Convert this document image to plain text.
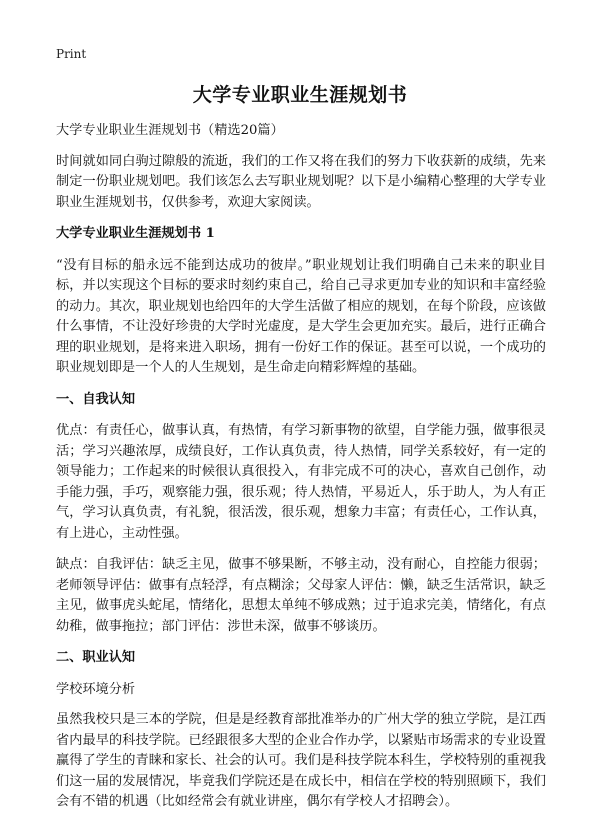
Print
大学专业职业生涯规划书

大学专业职业生涯规划书（精选20篇）

时间就如同白驹过隙般的流逝，我们的工作又将在我们的努力下收获新的成绩，先来制定一份职业规划吧。我们该怎么去写职业规划呢？以下是小编精心整理的大学专业职业生涯规划书，仅供参考，欢迎大家阅读。

大学专业职业生涯规划书 1

“没有目标的船永远不能到达成功的彼岸。”职业规划让我们明确自己未来的职业目标，并以实现这个目标的要求时刻约束自己，给自己寻求更加专业的知识和丰富经验的动力。其次，职业规划也给四年的大学生活做了相应的规划，在每个阶段，应该做什么事情，不让没好珍贵的大学时光虚度，是大学生会更加充实。最后，进行正确合理的职业规划，是将来进入职场，拥有一份好工作的保证。甚至可以说，一个成功的职业规划即是一个人的人生规划，是生命走向精彩辉煌的基础。

一、自我认知

优点：有责任心，做事认真，有热情，有学习新事物的欲望，自学能力强，做事很灵活；学习兴趣浓厚，成绩良好，工作认真负责，待人热情，同学关系较好，有一定的领导能力；工作起来的时候很认真很投入，有非完成不可的决心，喜欢自己创作，动手能力强，手巧，观察能力强，很乐观；待人热情，平易近人，乐于助人，为人有正气，学习认真负责，有礼貌，很活泼，很乐观，想象力丰富；有责任心，工作认真，有上进心，主动性强。

缺点：自我评估：缺乏主见，做事不够果断，不够主动，没有耐心，自控能力很弱；老师领导评估：做事有点轻浮，有点糊涂；父母家人评估：懒，缺乏生活常识，缺乏主见，做事虎头蛇尾，情绪化，思想太单纯不够成熟；过于追求完美，情绪化，有点幼稚，做事拖拉；部门评估：涉世未深，做事不够谈历。

二、职业认知

学校环境分析

虽然我校只是三本的学院，但是是经教育部批准举办的广州大学的独立学院，是江西省内最早的科技学院。已经跟很多大型的企业合作办学，以紧贴市场需求的专业设置赢得了学生的青睐和家长、社会的认可。我们是科技学院本科生，学校特别的重视我们这一届的发展情况，毕竟我们学院还是在成长中，相信在学校的特别照顾下，我们会有不错的机遇（比如经常会有就业讲座，偶尔有学校人才招聘会）。
